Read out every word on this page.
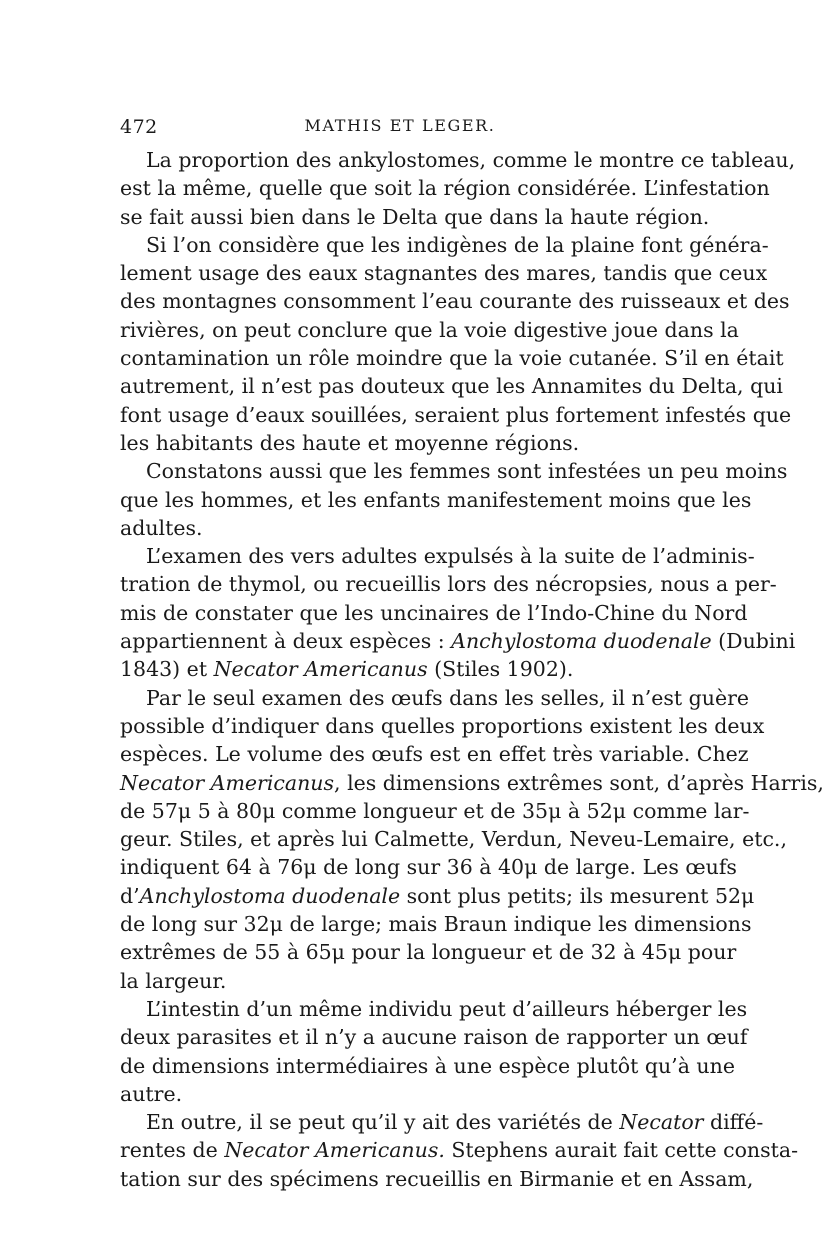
472	MATHIS ET LEGER.
La proportion des ankylostomes, comme le montre ce tableau,
est la même, quelle que soit la région considérée. L’infestation
se fait aussi bien dans le Delta que dans la haute région.
Si l’on considère que les indigènes de la plaine font généra-
lement usage des eaux stagnantes des mares, tandis que ceux
des montagnes consomment l’eau courante des ruisseaux et des
rivières, on peut conclure que la voie digestive joue dans la
contamination un rôle moindre que la voie cutanée. S’il en était
autrement, il n’est pas douteux que les Annamites du Delta, qui
font usage d’eaux souillées, seraient plus fortement infestés que
les habitants des haute et moyenne régions.
Constatons aussi que les femmes sont infestées un peu moins
que les hommes, et les enfants manifestement moins que les
adultes.
L’examen des vers adultes expulsés à la suite de l’adminis-
tration de thymol, ou recueillis lors des nécropsies, nous a per-
mis de constater que les uncinaires de l’Indo-Chine du Nord
appartiennent à deux espèces : Anchylostoma duodenale (Dubini
1843) et Necator Americanus (Stiles 1902).
Par le seul examen des œufs dans les selles, il n’est guère
possible d’indiquer dans quelles proportions existent les deux
espèces. Le volume des œufs est en effet très variable. Chez
Necator Americanus, les dimensions extrêmes sont, d’après Harris,
de 57μ 5 à 80μ comme longueur et de 35μ à 52μ comme lar-
geur. Stiles, et après lui Calmette, Verdun, Neveu-Lemaire, etc.,
indiquent 64 à 76μ de long sur 36 à 40μ de large. Les œufs
d’Anchylostoma duodenale sont plus petits; ils mesurent 52μ
de long sur 32μ de large; mais Braun indique les dimensions
extrêmes de 55 à 65μ pour la longueur et de 32 à 45μ pour
la largeur.
L’intestin d’un même individu peut d’ailleurs héberger les
deux parasites et il n’y a aucune raison de rapporter un œuf
de dimensions intermédiaires à une espèce plutôt qu’à une
autre.
En outre, il se peut qu’il y ait des variétés de Necator diffé-
rentes de Necator Americanus. Stephens aurait fait cette consta-
tation sur des spécimens recueillis en Birmanie et en Assam,
